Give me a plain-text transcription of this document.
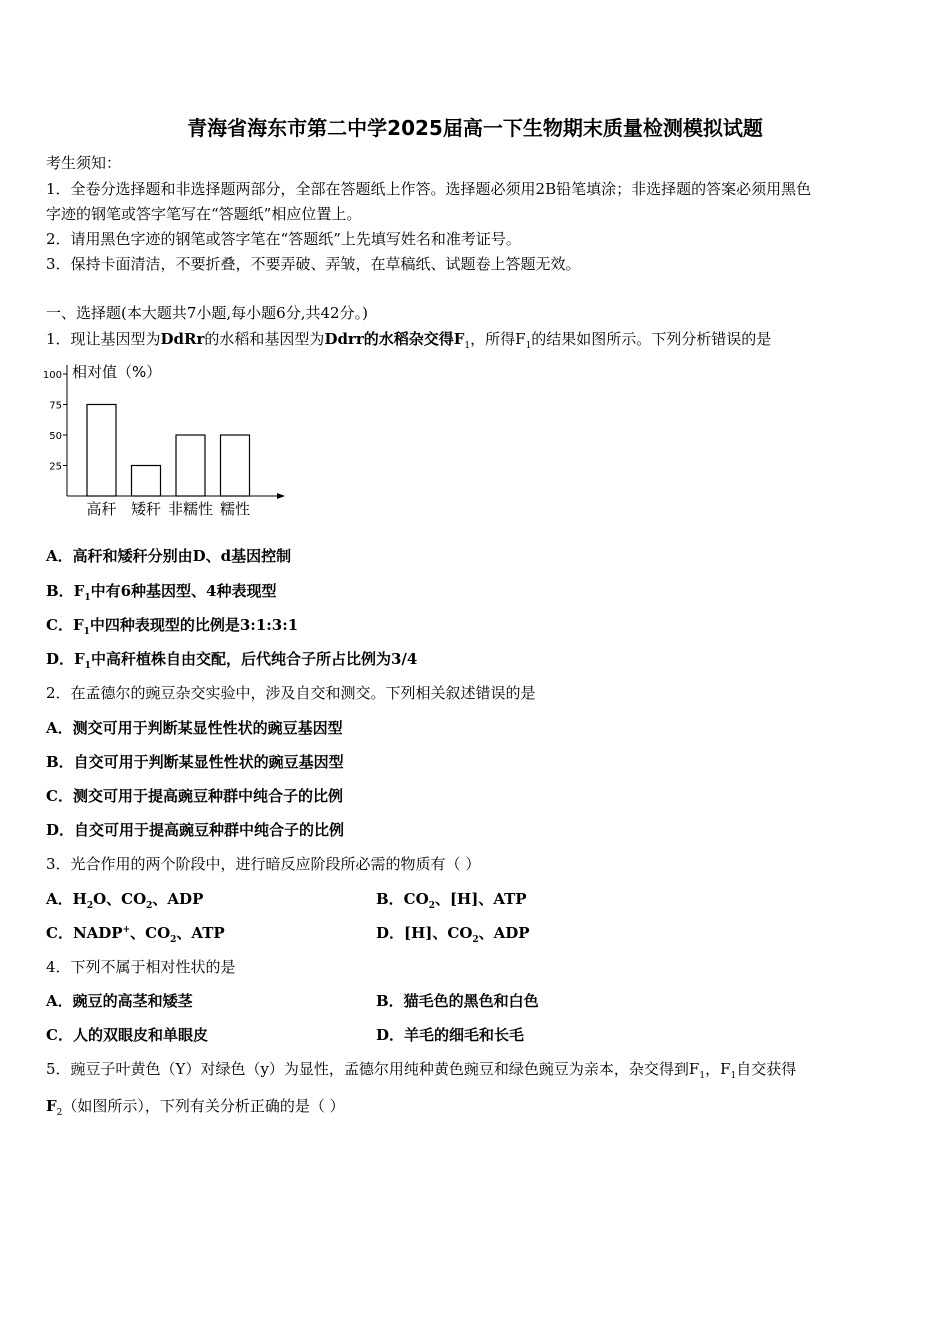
青海省海东市第二中学2025届高一下生物期末质量检测模拟试题
考生须知：
1．全卷分选择题和非选择题两部分，全部在答题纸上作答。选择题必须用2B铅笔填涂；非选择题的答案必须用黑色
字迹的钢笔或答字笔写在“答题纸”相应位置上。
2．请用黑色字迹的钢笔或答字笔在“答题纸”上先填写姓名和准考证号。
3．保持卡面清洁，不要折叠，不要弄破、弄皱，在草稿纸、试题卷上答题无效。
一、选择题(本大题共7小题,每小题6分,共42分。)
1．现让基因型为DdRr的水稻和基因型为Ddrr的水稻杂交得$F_1$，所得$F_1$的结果如图所示。下列分析错误的是
相对值（%）
25
50
75
100
高秆 矮秆 非糯性 糯性
A．高秆和矮秆分别由D、d基因控制
B．$F_1$中有6种基因型、4种表现型
C．$F_1$中四种表现型的比例是3:1:3:1
D．$F_1$中高秆植株自由交配，后代纯合子所占比例为3/4
2．在孟德尔的豌豆杂交实验中，涉及自交和测交。下列相关叙述错误的是
A．测交可用于判断某显性性状的豌豆基因型
B．自交可用于判断某显性性状的豌豆基因型
C．测交可用于提高豌豆种群中纯合子的比例
D．自交可用于提高豌豆种群中纯合子的比例
3．光合作用的两个阶段中，进行暗反应阶段所必需的物质有（ ）
A．$H_2O$、$CO_2$、ADP	B．$CO_2$、[H]、ATP
C．NADP+、$CO_2$、ATP	D．[H]、$CO_2$、ADP
4．下列不属于相对性状的是
A．豌豆的高茎和矮茎	B．猫毛色的黑色和白色
C．人的双眼皮和单眼皮	D．羊毛的细毛和长毛
5．豌豆子叶黄色（Y）对绿色（y）为显性，孟德尔用纯种黄色豌豆和绿色豌豆为亲本，杂交得到$F_1$，$F_1$自交获得
$F_2$（如图所示），下列有关分析正确的是（ ）
